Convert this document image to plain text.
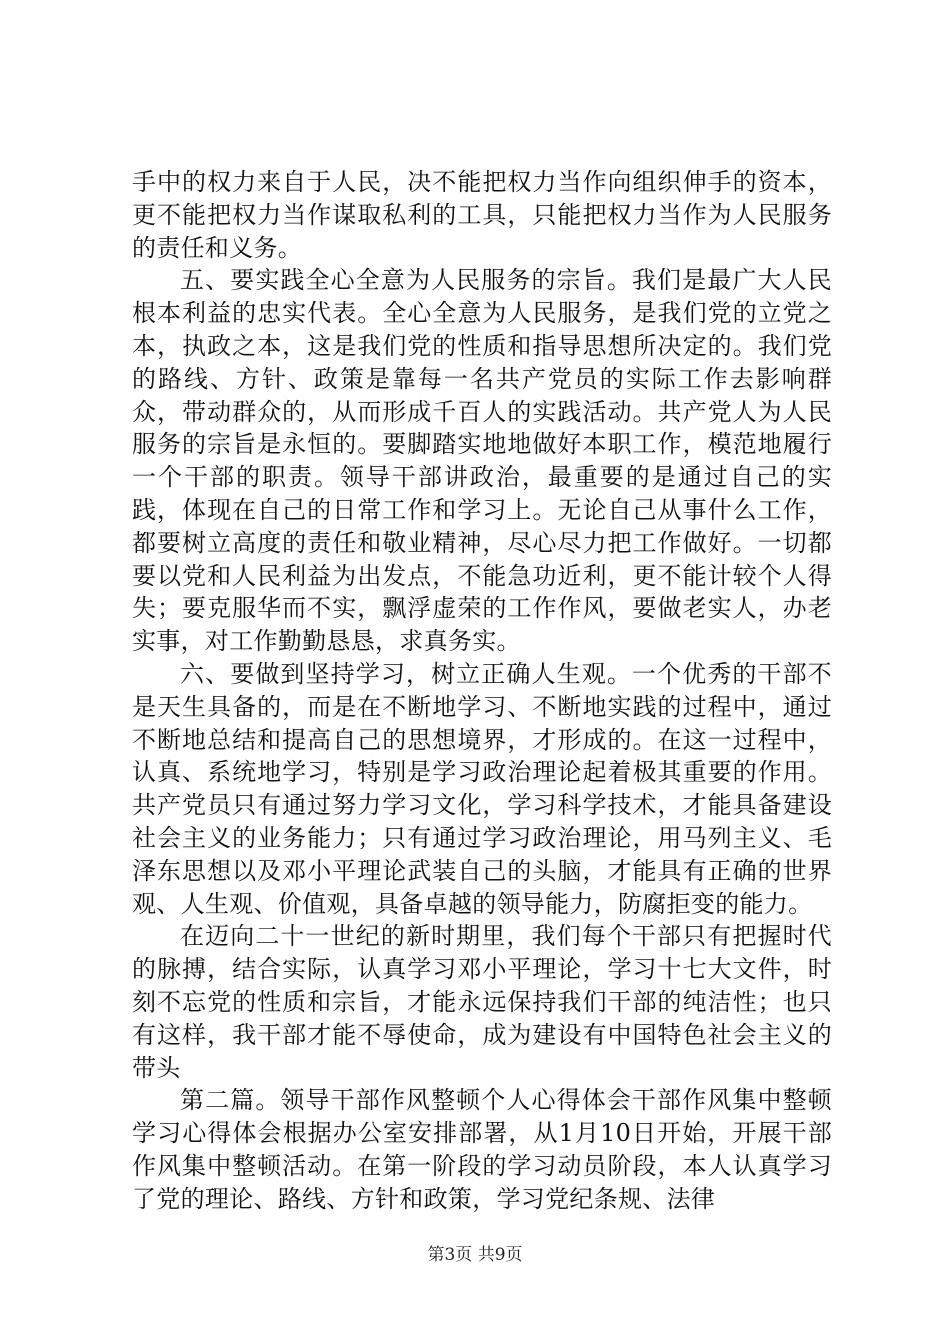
手中的权力来自于人民，决不能把权力当作向组织伸手的资本，更不能把权力当作谋取私利的工具，只能把权力当作为人民服务的责任和义务。

五、要实践全心全意为人民服务的宗旨。我们是最广大人民根本利益的忠实代表。全心全意为人民服务，是我们党的立党之本，执政之本，这是我们党的性质和指导思想所决定的。我们党的路线、方针、政策是靠每一名共产党员的实际工作去影响群众，带动群众的，从而形成千百人的实践活动。共产党人为人民服务的宗旨是永恒的。要脚踏实地地做好本职工作，模范地履行一个干部的职责。领导干部讲政治，最重要的是通过自己的实践，体现在自己的日常工作和学习上。无论自己从事什么工作，都要树立高度的责任和敬业精神，尽心尽力把工作做好。一切都要以党和人民利益为出发点，不能急功近利，更不能计较个人得失；要克服华而不实，飘浮虚荣的工作作风，要做老实人，办老实事，对工作勤勤恳恳，求真务实。

六、要做到坚持学习，树立正确人生观。一个优秀的干部不是天生具备的，而是在不断地学习、不断地实践的过程中，通过不断地总结和提高自己的思想境界，才形成的。在这一过程中，认真、系统地学习，特别是学习政治理论起着极其重要的作用。共产党员只有通过努力学习文化，学习科学技术，才能具备建设社会主义的业务能力；只有通过学习政治理论，用马列主义、毛泽东思想以及邓小平理论武装自己的头脑，才能具有正确的世界观、人生观、价值观，具备卓越的领导能力，防腐拒变的能力。

在迈向二十一世纪的新时期里，我们每个干部只有把握时代的脉搏，结合实际，认真学习邓小平理论，学习十七大文件，时刻不忘党的性质和宗旨，才能永远保持我们干部的纯洁性；也只有这样，我干部才能不辱使命，成为建设有中国特色社会主义的带头

第二篇。领导干部作风整顿个人心得体会干部作风集中整顿学习心得体会根据办公室安排部署，从1月10日开始，开展干部作风集中整顿活动。在第一阶段的学习动员阶段，本人认真学习了党的理论、路线、方针和政策，学习党纪条规、法律

第3页 共9页
